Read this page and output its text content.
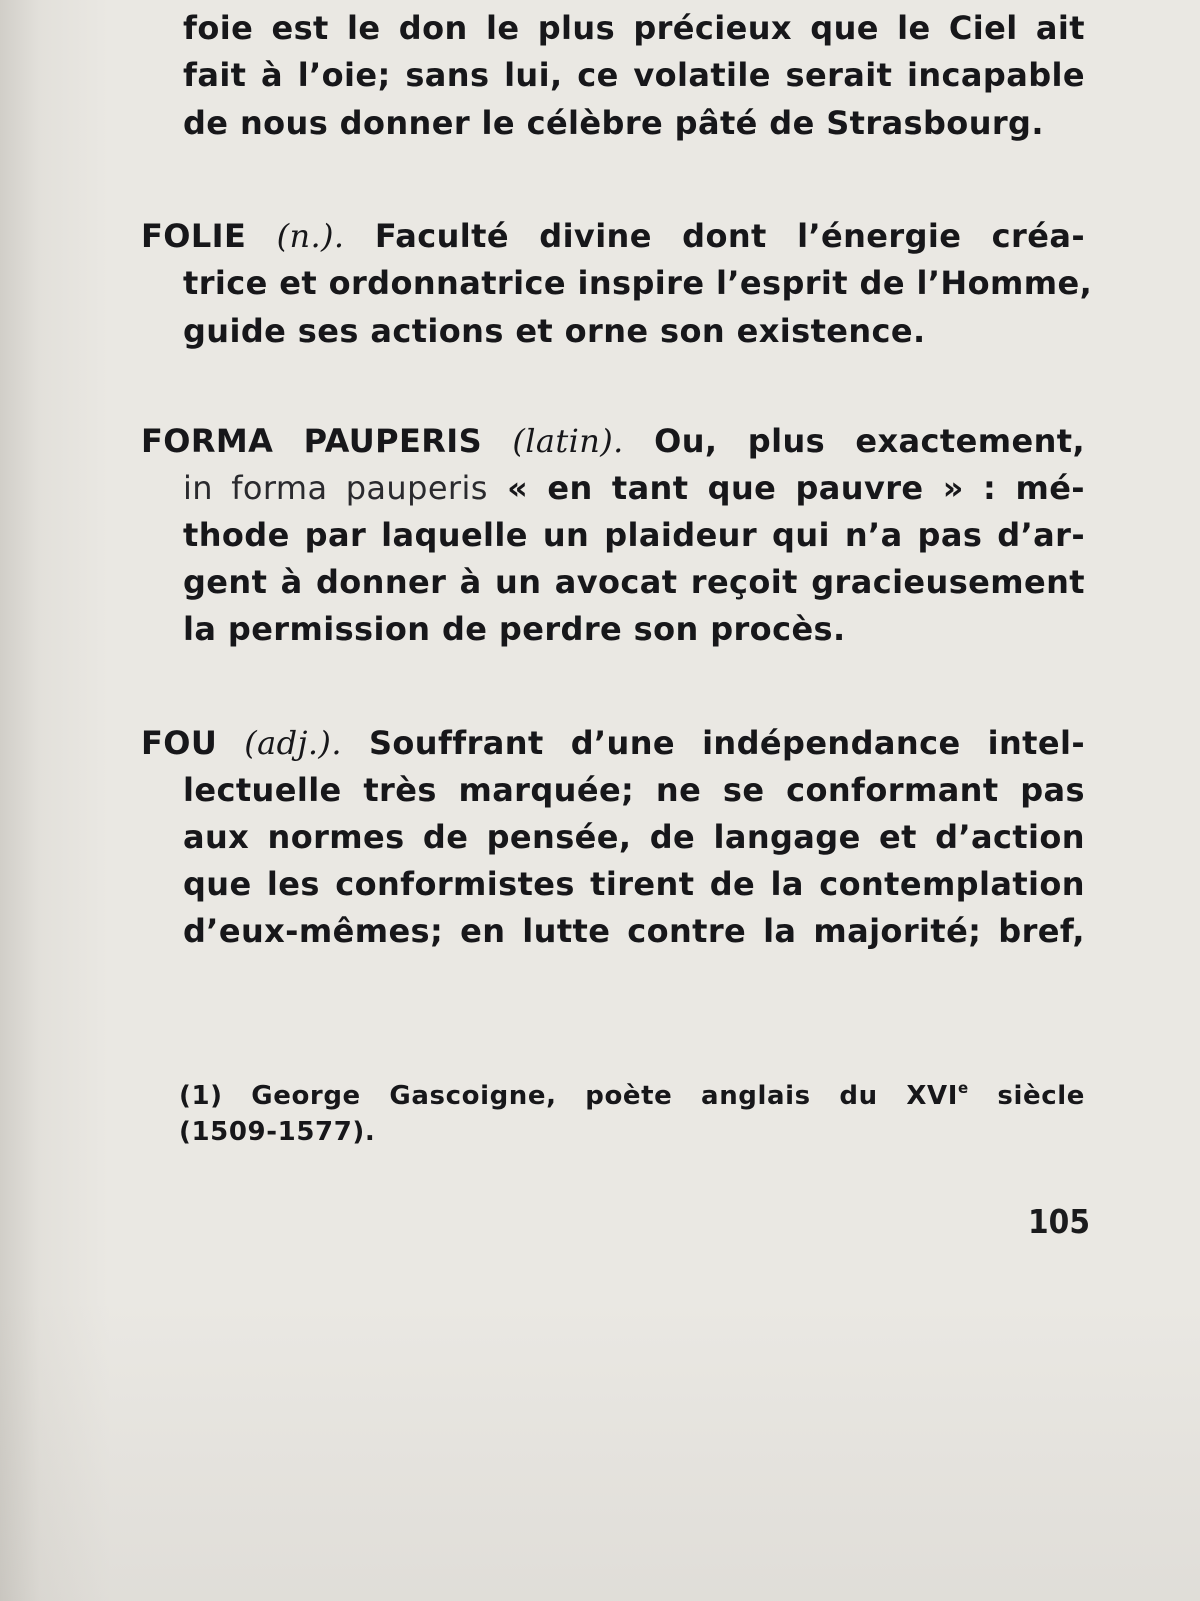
foie est le don le plus précieux que le Ciel ait
fait à l’oie; sans lui, ce volatile serait incapable
de nous donner le célèbre pâté de Strasbourg.
FOLIE (n.). Faculté divine dont l’énergie créa-
trice et ordonnatrice inspire l’esprit de l’Homme,
guide ses actions et orne son existence.
FORMA PAUPERIS (latin). Ou, plus exactement,
in forma pauperis « en tant que pauvre » : mé-
thode par laquelle un plaideur qui n’a pas d’ar-
gent à donner à un avocat reçoit gracieusement
la permission de perdre son procès.
FOU (adj.). Souffrant d’une indépendance intel-
lectuelle très marquée; ne se conformant pas
aux normes de pensée, de langage et d’action
que les conformistes tirent de la contemplation
d’eux-mêmes; en lutte contre la majorité; bref,
(1) George Gascoigne, poète anglais du XVIe siècle
(1509-1577).
105
